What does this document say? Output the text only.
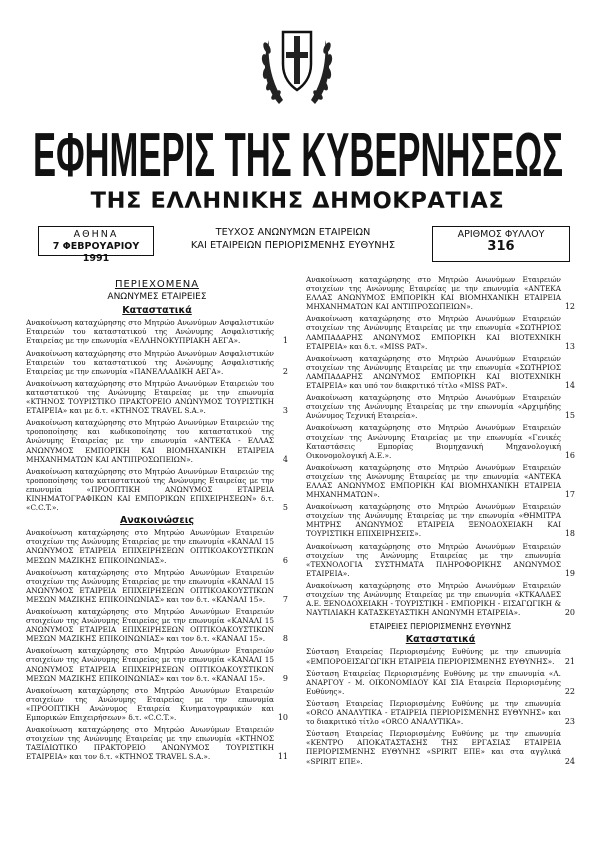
ΕΦΗΜΕΡΙΣ ΤΗΣ ΚΥΒΕΡΝΗΣΕΩΣ
ΤΗΣ ΕΛΛΗΝΙΚΗΣ ΔΗΜΟΚΡΑΤΙΑΣ
ΑΘΗΝΑ
7 ΦΕΒΡΟΥΑΡΙΟΥ 1991
ΤΕΥΧΟΣ ΑΝΩΝΥΜΩΝ ΕΤΑΙΡΕΙΩΝ
ΚΑΙ ΕΤΑΙΡΕΙΩΝ ΠΕΡΙΟΡΙΣΜΕΝΗΣ ΕΥΘΥΝΗΣ
ΑΡΙΘΜΟΣ ΦΥΛΛΟΥ
316
ΠΕΡΙΕΧΟΜΕΝΑ
ΑΝΩΝΥΜΕΣ ΕΤΑΙΡΕΙΕΣ
Καταστατικά
Ανακοίνωση καταχώρησης στο Μητρώο Ανωνύμων Ασφαλιστικών Εταιρειών του καταστατικού της Ανώνυμης Ασφαλιστικής Εταιρείας με την επωνυμία «ΕΛΛΗΝΟΚΥΠΡΙΑΚΗ ΑΕΓΑ».	1
Ανακοίνωση καταχώρησης στο Μητρώο Ανωνύμων Ασφαλιστικών Εταιρειών του καταστατικού της Ανώνυμης Ασφαλιστικής Εταιρείας με την επωνυμία «ΠΑΝΕΛΛΑΔΙΚΗ ΑΕΓΑ».	2
Ανακοίνωση καταχώρησης στο Μητρώο Ανωνύμων Εταιρειών του καταστατικού της Ανώνυμης Εταιρείας με την επωνυμία «ΚΤΗΝΟΣ ΤΟΥΡΙΣΤΙΚΟ ΠΡΑΚΤΟΡΕΙΟ ΑΝΩΝΥΜΟΣ ΤΟΥΡΙΣΤΙΚΗ ΕΤΑΙΡΕΙΑ» και με δ.τ. «ΚΤΗΝΟΣ TRAVEL S.A.».	3
Ανακοίνωση καταχώρησης στο Μητρώο Ανωνύμων Εταιρειών της τροποποίησης και κωδικοποίησης του καταστατικού της Ανώνυμης Εταιρείας με την επωνυμία «ΑΝΤΕΚΑ - ΕΛΛΑΣ ΑΝΩΝΥΜΟΣ ΕΜΠΟΡΙΚΗ ΚΑΙ ΒΙΟΜΗΧΑΝΙΚΗ ΕΤΑΙΡΕΙΑ ΜΗΧΑΝΗΜΑΤΩΝ ΚΑΙ ΑΝΤΙΠΡΟΣΩΠΕΙΩΝ».	4
Ανακοίνωση καταχώρησης στο Μητρώο Ανωνύμων Εταιρειών της τροποποίησης του καταστατικού της Ανώνυμης Εταιρείας με την επωνυμία «ΠΡΟΟΠΤΙΚΗ ΑΝΩΝΥΜΟΣ ΕΤΑΙΡΕΙΑ ΚΙΝΗΜΑΤΟΓΡΑΦΙΚΩΝ ΚΑΙ ΕΜΠΟΡΙΚΩΝ ΕΠΙΧΕΙΡΗΣΕΩΝ» δ.τ. «C.C.T.».	5
Ανακοινώσεις
Ανακοίνωση καταχώρησης στο Μητρώο Ανωνύμων Εταιρειών στοιχείων της Ανώνυμης Εταιρείας με την επωνυμία «ΚΑΝΑΛΙ 15 ΑΝΩΝΥΜΟΣ ΕΤΑΙΡΕΙΑ ΕΠΙΧΕΙΡΗΣΕΩΝ ΟΠΤΙΚΟΑΚΟΥΣΤΙΚΩΝ ΜΕΣΩΝ ΜΑΖΙΚΗΣ ΕΠΙΚΟΙΝΩΝΙΑΣ».	6
Ανακοίνωση καταχώρησης στο Μητρώο Ανωνύμων Εταιρειών στοιχείων της Ανώνυμης Εταιρείας με την επωνυμία «ΚΑΝΑΛΙ 15 ΑΝΩΝΥΜΟΣ ΕΤΑΙΡΕΙΑ ΕΠΙΧΕΙΡΗΣΕΩΝ ΟΠΤΙΚΟΑΚΟΥΣΤΙΚΩΝ ΜΕΣΩΝ ΜΑΖΙΚΗΣ ΕΠΙΚΟΙΝΩΝΙΑΣ» και τον δ.τ. «ΚΑΝΑΛΙ 15». 7
Ανακοίνωση καταχώρησης στο Μητρώο Ανωνύμων Εταιρειών στοιχείων της Ανώνυμης Εταιρείας με την επωνυμία «ΚΑΝΑΛΙ 15 ΑΝΩΝΥΜΟΣ ΕΤΑΙΡΕΙΑ ΕΠΙΧΕΙΡΗΣΕΩΝ ΟΠΤΙΚΟΑΚΟΥΣΤΙΚΩΝ ΜΕΣΩΝ ΜΑΖΙΚΗΣ ΕΠΙΚΟΙΝΩΝΙΑΣ» και τον δ.τ. «ΚΑΝΑΛΙ 15». 8
Ανακοίνωση καταχώρησης στο Μητρώο Ανωνύμων Εταιρειών στοιχείων της Ανώνυμης Εταιρείας με την επωνυμία «ΚΑΝΑΛΙ 15 ΑΝΩΝΥΜΟΣ ΕΤΑΙΡΕΙΑ ΕΠΙΧΕΙΡΗΣΕΩΝ ΟΠΤΙΚΟΑΚΟΥΣΤΙΚΩΝ ΜΕΣΩΝ ΜΑΖΙΚΗΣ ΕΠΙΚΟΙΝΩΝΙΑΣ» και τον δ.τ. «ΚΑΝΑΛΙ 15». 9
Ανακοίνωση καταχώρησης στο Μητρώο Ανωνύμων Εταιρειών στοιχείων της Ανώνυμης Εταιρείας με την επωνυμία «ΠΡΟΟΠΤΙΚΗ Ανώνυμος Εταιρεία Κινηματογραφικών και Εμπορικών Επιχειρήσεων» δ.τ. «C.C.T.».	10
Ανακοίνωση καταχώρησης στο Μητρώο Ανωνύμων Εταιρειών στοιχείων της Ανώνυμης Εταιρείας με την επωνυμία «ΚΤΗΝΟΣ ΤΑΞΙΔΙΩΤΙΚΟ ΠΡΑΚΤΟΡΕΙΟ ΑΝΩΝΥΜΟΣ ΤΟΥΡΙΣΤΙΚΗ ΕΤΑΙΡΕΙΑ» και τον δ.τ. «ΚΤΗΝΟΣ TRAVEL S.A.».	11
Ανακοίνωση καταχώρησης στο Μητρώο Ανωνύμων Εταιρειών στοιχείων της Ανώνυμης Εταιρείας με την επωνυμία «ΑΝΤΕΚΑ ΕΛΛΑΣ ΑΝΩΝΥΜΟΣ ΕΜΠΟΡΙΚΗ ΚΑΙ ΒΙΟΜΗΧΑΝΙΚΗ ΕΤΑΙΡΕΙΑ ΜΗΧΑΝΗΜΑΤΩΝ ΚΑΙ ΑΝΤΙΠΡΟΣΩΠΕΙΩΝ».	12
Ανακοίνωση καταχώρησης στο Μητρώο Ανωνύμων Εταιρειών στοιχείων της Ανώνυμης Εταιρείας με την επωνυμία «ΣΩΤΗΡΙΟΣ ΛΑΜΠΑΔΑΡΗΣ ΑΝΩΝΥΜΟΣ ΕΜΠΟΡΙΚΗ ΚΑΙ ΒΙΟΤΕΧΝΙΚΗ ΕΤΑΙΡΕΙΑ» και δ.τ. «MISS PAT».	13
Ανακοίνωση καταχώρησης στο Μητρώο Ανωνύμων Εταιρειών στοιχείων της Ανώνυμης Εταιρείας με την επωνυμία «ΣΩΤΗΡΙΟΣ ΛΑΜΠΑΔΑΡΗΣ ΑΝΩΝΥΜΟΣ ΕΜΠΟΡΙΚΗ ΚΑΙ ΒΙΟΤΕΧΝΙΚΗ ΕΤΑΙΡΕΙΑ» και υπό τον διακριτικό τίτλο «MISS PAT».	14
Ανακοίνωση καταχώρησης στο Μητρώο Ανωνύμων Εταιρειών στοιχείων της Ανώνυμης Εταιρείας με την επωνυμία «Αρχιμήδης Ανώνυμος Τεχνική Εταιρεία».	15
Ανακοίνωση καταχώρησης στο Μητρώο Ανωνύμων Εταιρειών στοιχείων της Ανώνυμης Εταιρείας με την επωνυμία «Γενικές Καταστάσεις Εμπορίας Βιομηχανική Μηχανολογική Οικονομολογική Α.Ε.».	16
Ανακοίνωση καταχώρησης στο Μητρώο Ανωνύμων Εταιρειών στοιχείων της Ανώνυμης Εταιρείας με την επωνυμία «ΑΝΤΕΚΑ ΕΛΛΑΣ ΑΝΩΝΥΜΟΣ ΕΜΠΟΡΙΚΗ ΚΑΙ ΒΙΟΜΗΧΑΝΙΚΗ ΕΤΑΙΡΕΙΑ ΜΗΧΑΝΗΜΑΤΩΝ».	17
Ανακοίνωση καταχώρησης στο Μητρώο Ανωνύμων Εταιρειών στοιχείων της Ανώνυμης Εταιρείας με την επωνυμία «ΘΗΜΙΤΡΑ ΜΗΤΡΗΣ ΑΝΩΝΥΜΟΣ ΕΤΑΙΡΕΙΑ ΞΕΝΟΔΟΧΕΙΑΚΗ ΚΑΙ ΤΟΥΡΙΣΤΙΚΗ ΕΠΙΧΕΙΡΗΣΕΙΣ».	18
Ανακοίνωση καταχώρησης στο Μητρώο Ανωνύμων Εταιρειών στοιχείων της Ανώνυμης Εταιρείας με την επωνυμία «ΤΕΧΝΟΛΟΓΙΑ ΣΥΣΤΗΜΑΤΑ ΠΛΗΡΟΦΟΡΙΚΗΣ ΑΝΩΝΥΜΟΣ ΕΤΑΙΡΕΙΑ».	19
Ανακοίνωση καταχώρησης στο Μητρώο Ανωνύμων Εταιρειών στοιχείων της Ανώνυμης Εταιρείας με την επωνυμία «ΚΤΚΑΛΔΕΣ Α.Ε. ΞΕΝΟΔΟΧΕΙΑΚΗ - ΤΟΥΡΙΣΤΙΚΗ - ΕΜΠΟΡΙΚΗ - ΕΙΣΑΓΩΓΙΚΗ & ΝΑΥΤΙΛΙΑΚΗ ΚΑΤΑΣΚΕΥΑΣΤΙΚΗ ΑΝΩΝΥΜΗ ΕΤΑΙΡΕΙΑ».	20
ΕΤΑΙΡΕΙΕΣ ΠΕΡΙΟΡΙΣΜΕΝΗΣ ΕΥΘΥΝΗΣ
Καταστατικά
Σύσταση Εταιρείας Περιορισμένης Ευθύνης με την επωνυμία «ΕΜΠΟΡΟΕΙΣΑΓΩΓΙΚΗ ΕΤΑΙΡΕΙΑ ΠΕΡΙΟΡΙΣΜΕΝΗΣ ΕΥΘΥΝΗΣ». 21
Σύσταση Εταιρείας Περιορισμένης Ευθύνης με την επωνυμία «Λ. ΑΝΑΡΓΟΥ - Μ. ΟΙΚΟΝΟΜΙΔΟΥ ΚΑΙ ΣΙΑ Εταιρεία Περιορισμένης Ευθύνης».	22
Σύσταση Εταιρείας Περιορισμένης Ευθύνης με την επωνυμία «ORCO ΑΝΑΛΥΤΙΚΑ - ΕΤΑΙΡΕΙΑ ΠΕΡΙΟΡΙΣΜΕΝΗΣ ΕΥΘΥΝΗΣ» και το διακριτικό τίτλο «ORCO ΑΝΑΛΥΤΙΚΑ».	23
Σύσταση Εταιρείας Περιορισμένης Ευθύνης με την επωνυμία «ΚΕΝΤΡΟ ΑΠΟΚΑΤΑΣΤΑΣΗΣ ΤΗΣ ΕΡΓΑΣΙΑΣ ΕΤΑΙΡΕΙΑ ΠΕΡΙΟΡΙΣΜΕΝΗΣ ΕΥΘΥΝΗΣ «SPIRIT ΕΠΕ» και στα αγγλικά «SPIRIT ΕΠΕ».	24
